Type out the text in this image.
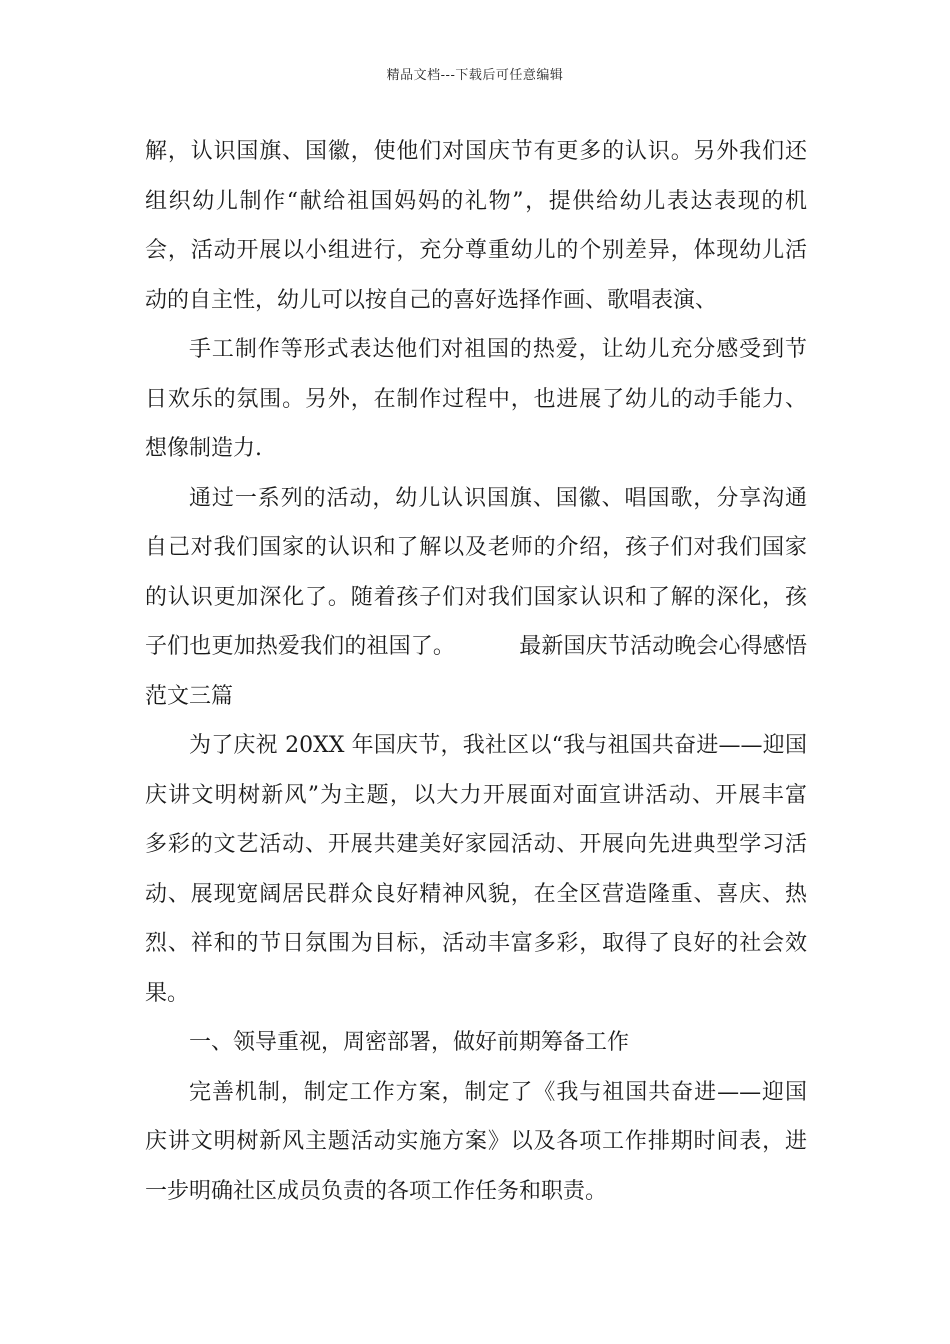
精品文档---下载后可任意编辑
解，认识国旗、国徽，使他们对国庆节有更多的认识。另外我们还
组织幼儿制作“献给祖国妈妈的礼物”，提供给幼儿表达表现的机
会，活动开展以小组进行，充分尊重幼儿的个别差异，体现幼儿活
动的自主性，幼儿可以按自己的喜好选择作画、歌唱表演、
手工制作等形式表达他们对祖国的热爱，让幼儿充分感受到节
日欢乐的氛围。另外，在制作过程中，也进展了幼儿的动手能力、
想像制造力.
通过一系列的活动，幼儿认识国旗、国徽、唱国歌，分享沟通
自己对我们国家的认识和了解以及老师的介绍，孩子们对我们国家
的认识更加深化了。随着孩子们对我们国家认识和了解的深化，孩
子们也更加热爱我们的祖国了。	最新国庆节活动晚会心得感悟
范文三篇
为了庆祝 20XX 年国庆节，我社区以“我与祖国共奋进——迎国
庆讲文明树新风”为主题，以大力开展面对面宣讲活动、开展丰富
多彩的文艺活动、开展共建美好家园活动、开展向先进典型学习活
动、展现宽阔居民群众良好精神风貌，在全区营造隆重、喜庆、热
烈、祥和的节日氛围为目标，活动丰富多彩，取得了良好的社会效
果。
一、领导重视，周密部署，做好前期筹备工作
完善机制，制定工作方案，制定了《我与祖国共奋进——迎国
庆讲文明树新风主题活动实施方案》以及各项工作排期时间表，进
一步明确社区成员负责的各项工作任务和职责。
